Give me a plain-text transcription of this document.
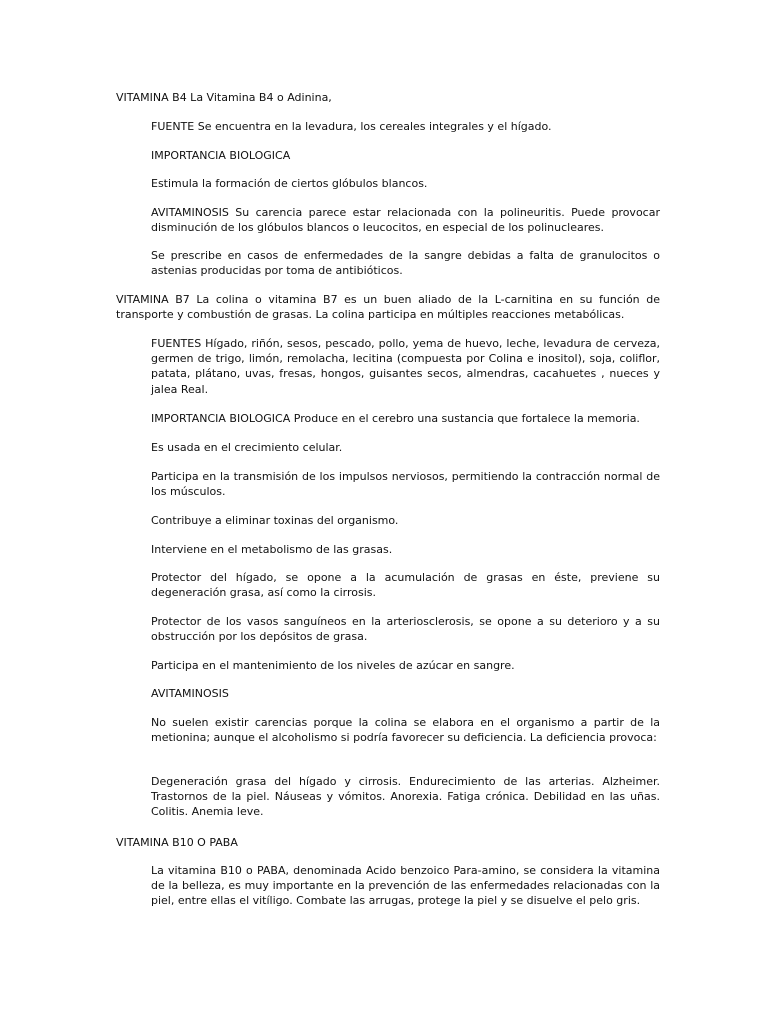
VITAMINA B4 La Vitamina B4 o Adinina,

FUENTE Se encuentra en la levadura, los cereales integrales y el hígado.

IMPORTANCIA BIOLOGICA

Estimula la formación de ciertos glóbulos blancos.

AVITAMINOSIS Su carencia parece estar relacionada con la polineuritis. Puede provocar disminución de los glóbulos blancos o leucocitos, en especial de los polinucleares.

Se prescribe en casos de enfermedades de la sangre debidas a falta de granulocitos o astenias producidas por toma de antibióticos.

VITAMINA B7 La colina o vitamina B7 es un buen aliado de la L-carnitina en su función de transporte y combustión de grasas. La colina participa en múltiples reacciones metabólicas.

FUENTES Hígado, riñón, sesos, pescado, pollo, yema de huevo, leche, levadura de cerveza, germen de trigo, limón, remolacha, lecitina (compuesta por Colina e inositol), soja, coliflor, patata, plátano, uvas, fresas, hongos, guisantes secos, almendras, cacahuetes , nueces y jalea Real.

IMPORTANCIA BIOLOGICA Produce en el cerebro una sustancia que fortalece la memoria.

Es usada en el crecimiento celular.

Participa en la transmisión de los impulsos nerviosos, permitiendo la contracción normal de los músculos.

Contribuye a eliminar toxinas del organismo.

Interviene en el metabolismo de las grasas.

Protector del hígado, se opone a la acumulación de grasas en éste, previene su degeneración grasa, así como la cirrosis.

Protector de los vasos sanguíneos en la arteriosclerosis, se opone a su deterioro y a su obstrucción por los depósitos de grasa.

Participa en el mantenimiento de los niveles de azúcar en sangre.

AVITAMINOSIS

No suelen existir carencias porque la colina se elabora en el organismo a partir de la metionina; aunque el alcoholismo si podría favorecer su deficiencia. La deficiencia provoca:

Degeneración grasa del hígado y cirrosis. Endurecimiento de las arterias. Alzheimer. Trastornos de la piel. Náuseas y vómitos. Anorexia. Fatiga crónica. Debilidad en las uñas. Colitis. Anemia leve.

VITAMINA B10 O PABA

La vitamina B10 o PABA, denominada Acido benzoico Para-amino, se considera la vitamina de la belleza, es muy importante en la prevención de las enfermedades relacionadas con la piel, entre ellas el vitíligo. Combate las arrugas, protege la piel y se disuelve el pelo gris.
